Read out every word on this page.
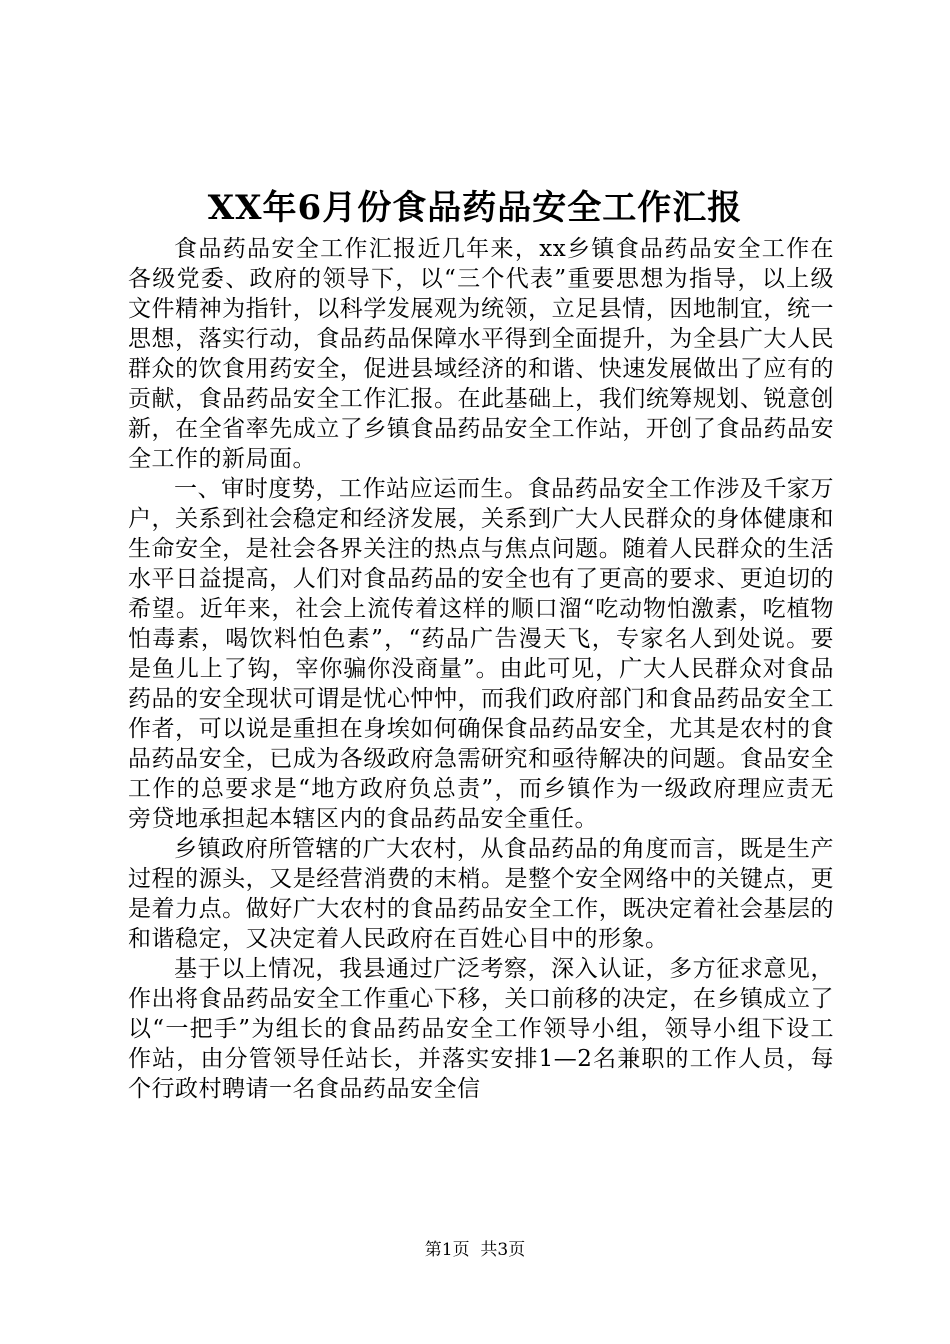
XX年6月份食品药品安全工作汇报

食品药品安全工作汇报近几年来，xx乡镇食品药品安全工作在各级党委、政府的领导下，以“三个代表”重要思想为指导，以上级文件精神为指针，以科学发展观为统领，立足县情，因地制宜，统一思想，落实行动，食品药品保障水平得到全面提升，为全县广大人民群众的饮食用药安全，促进县域经济的和谐、快速发展做出了应有的贡献，食品药品安全工作汇报。在此基础上，我们统筹规划、锐意创新，在全省率先成立了乡镇食品药品安全工作站，开创了食品药品安全工作的新局面。

一、审时度势，工作站应运而生。食品药品安全工作涉及千家万户，关系到社会稳定和经济发展，关系到广大人民群众的身体健康和生命安全，是社会各界关注的热点与焦点问题。随着人民群众的生活水平日益提高，人们对食品药品的安全也有了更高的要求、更迫切的希望。近年来，社会上流传着这样的顺口溜“吃动物怕激素，吃植物怕毒素，喝饮料怕色素”，“药品广告漫天飞，专家名人到处说。要是鱼儿上了钩，宰你骗你没商量”。由此可见，广大人民群众对食品药品的安全现状可谓是忧心忡忡，而我们政府部门和食品药品安全工作者，可以说是重担在身埃如何确保食品药品安全，尤其是农村的食品药品安全，已成为各级政府急需研究和亟待解决的问题。食品安全工作的总要求是“地方政府负总责”，而乡镇作为一级政府理应责无旁贷地承担起本辖区内的食品药品安全重任。

乡镇政府所管辖的广大农村，从食品药品的角度而言，既是生产过程的源头，又是经营消费的末梢。是整个安全网络中的关键点，更是着力点。做好广大农村的食品药品安全工作，既决定着社会基层的和谐稳定，又决定着人民政府在百姓心目中的形象。

基于以上情况，我县通过广泛考察，深入认证，多方征求意见，作出将食品药品安全工作重心下移，关口前移的决定，在乡镇成立了以“一把手”为组长的食品药品安全工作领导小组，领导小组下设工作站，由分管领导任站长，并落实安排1—2名兼职的工作人员，每个行政村聘请一名食品药品安全信

第1页 共3页
